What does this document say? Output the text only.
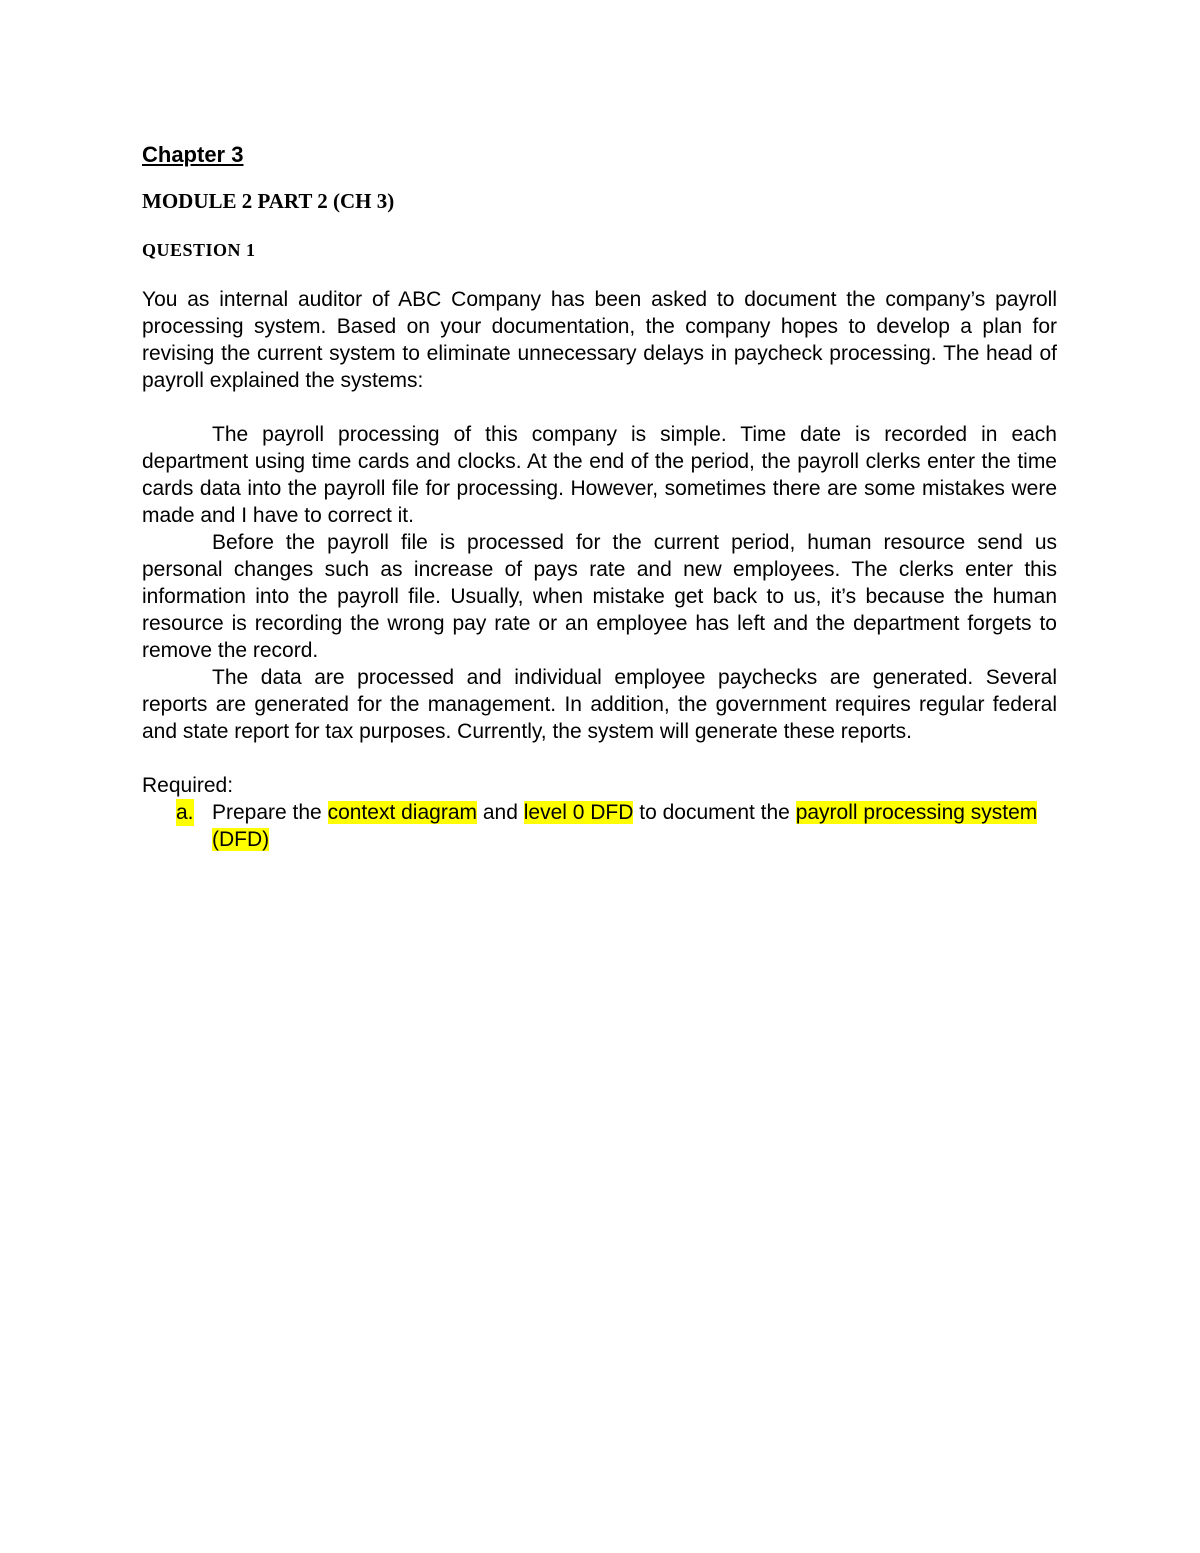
Chapter 3

MODULE 2 PART 2 (CH 3)

QUESTION 1

You as internal auditor of ABC Company has been asked to document the company’s payroll processing system. Based on your documentation, the company hopes to develop a plan for revising the current system to eliminate unnecessary delays in paycheck processing. The head of payroll explained the systems:

The payroll processing of this company is simple. Time date is recorded in each department using time cards and clocks. At the end of the period, the payroll clerks enter the time cards data into the payroll file for processing. However, sometimes there are some mistakes were made and I have to correct it.

Before the payroll file is processed for the current period, human resource send us personal changes such as increase of pays rate and new employees. The clerks enter this information into the payroll file. Usually, when mistake get back to us, it’s because the human resource is recording the wrong pay rate or an employee has left and the department forgets to remove the record.

The data are processed and individual employee paychecks are generated. Several reports are generated for the management. In addition, the government requires regular federal and state report for tax purposes. Currently, the system will generate these reports.

Required:

a. Prepare the context diagram and level 0 DFD to document the payroll processing system (DFD)
